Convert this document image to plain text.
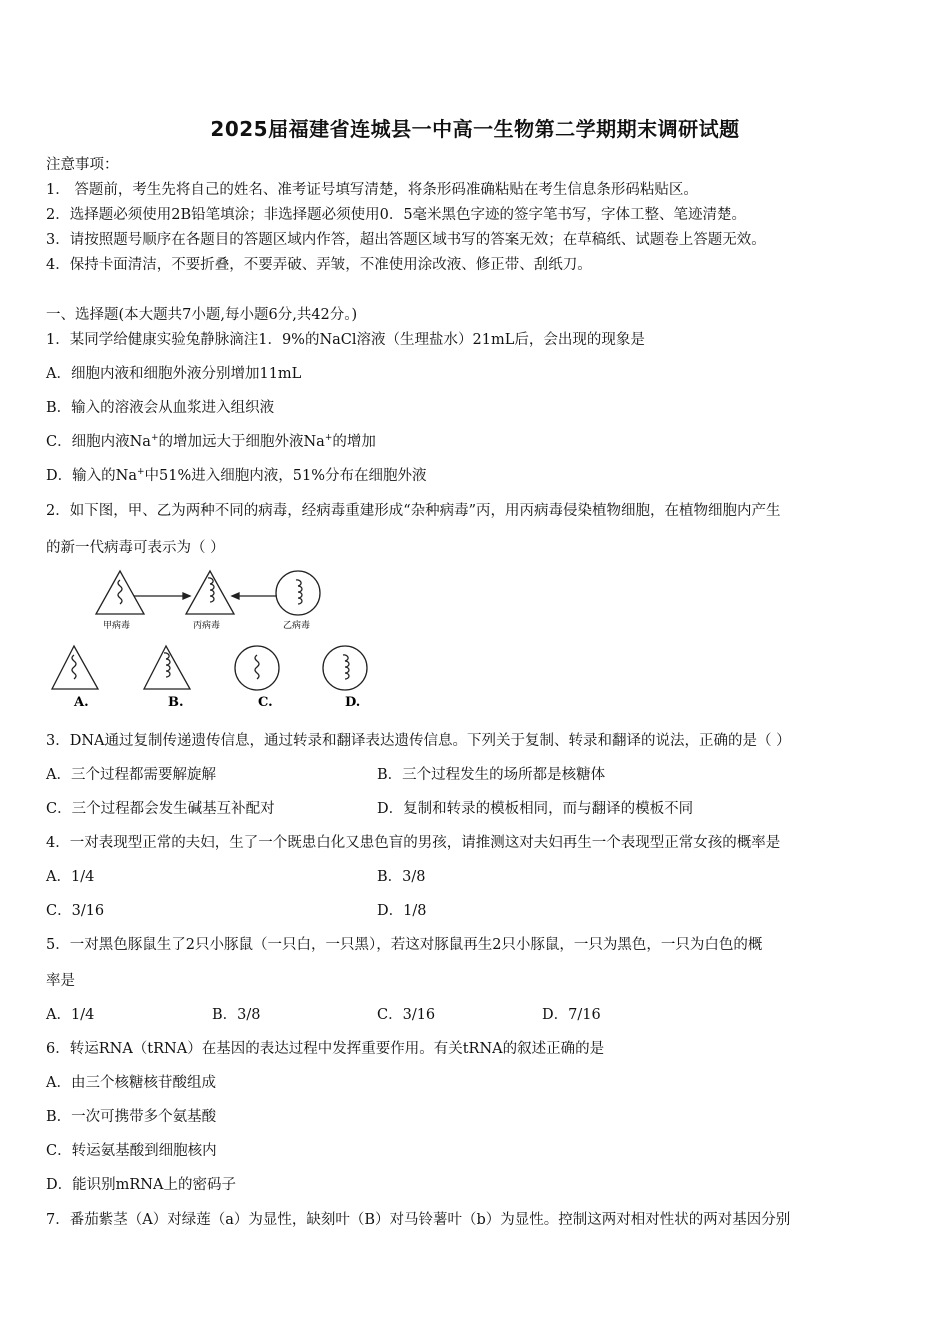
2025届福建省连城县一中高一生物第二学期期末调研试题
注意事项：
1． 答题前，考生先将自己的姓名、准考证号填写清楚，将条形码准确粘贴在考生信息条形码粘贴区。
2．选择题必须使用2B铅笔填涂；非选择题必须使用0．5毫米黑色字迹的签字笔书写，字体工整、笔迹清楚。
3．请按照题号顺序在各题目的答题区域内作答，超出答题区域书写的答案无效；在草稿纸、试题卷上答题无效。
4．保持卡面清洁，不要折叠，不要弄破、弄皱，不准使用涂改液、修正带、刮纸刀。
一、选择题(本大题共7小题,每小题6分,共42分。)
1．某同学给健康实验兔静脉滴注1．9%的NaCl溶液（生理盐水）21mL后，会出现的现象是
A．细胞内液和细胞外液分别增加11mL
B．输入的溶液会从血浆进入组织液
C．细胞内液Na+的增加远大于细胞外液Na+的增加
D．输入的Na+中51%进入细胞内液，51%分布在细胞外液
2．如下图，甲、乙为两种不同的病毒，经病毒重建形成“杂种病毒”丙，用丙病毒侵染植物细胞，在植物细胞内产生
的新一代病毒可表示为（ ）
甲病毒	丙病毒	乙病毒
A.	B.	C.	D.
3．DNA通过复制传递遗传信息，通过转录和翻译表达遗传信息。下列关于复制、转录和翻译的说法，正确的是（ ）
A．三个过程都需要解旋解	B．三个过程发生的场所都是核糖体
C．三个过程都会发生碱基互补配对	D．复制和转录的模板相同，而与翻译的模板不同
4．一对表现型正常的夫妇，生了一个既患白化又患色盲的男孩，请推测这对夫妇再生一个表现型正常女孩的概率是
A．1/4	B．3/8
C．3/16	D．1/8
5．一对黑色豚鼠生了2只小豚鼠（一只白，一只黑），若这对豚鼠再生2只小豚鼠，一只为黑色，一只为白色的概
率是
A．1/4	B．3/8	C．3/16	D．7/16
6．转运RNA（tRNA）在基因的表达过程中发挥重要作用。有关tRNA的叙述正确的是
A．由三个核糖核苷酸组成
B．一次可携带多个氨基酸
C．转运氨基酸到细胞核内
D．能识别mRNA上的密码子
7．番茄紫茎（A）对绿莲（a）为显性，缺刻叶（B）对马铃薯叶（b）为显性。控制这两对相对性状的两对基因分别
